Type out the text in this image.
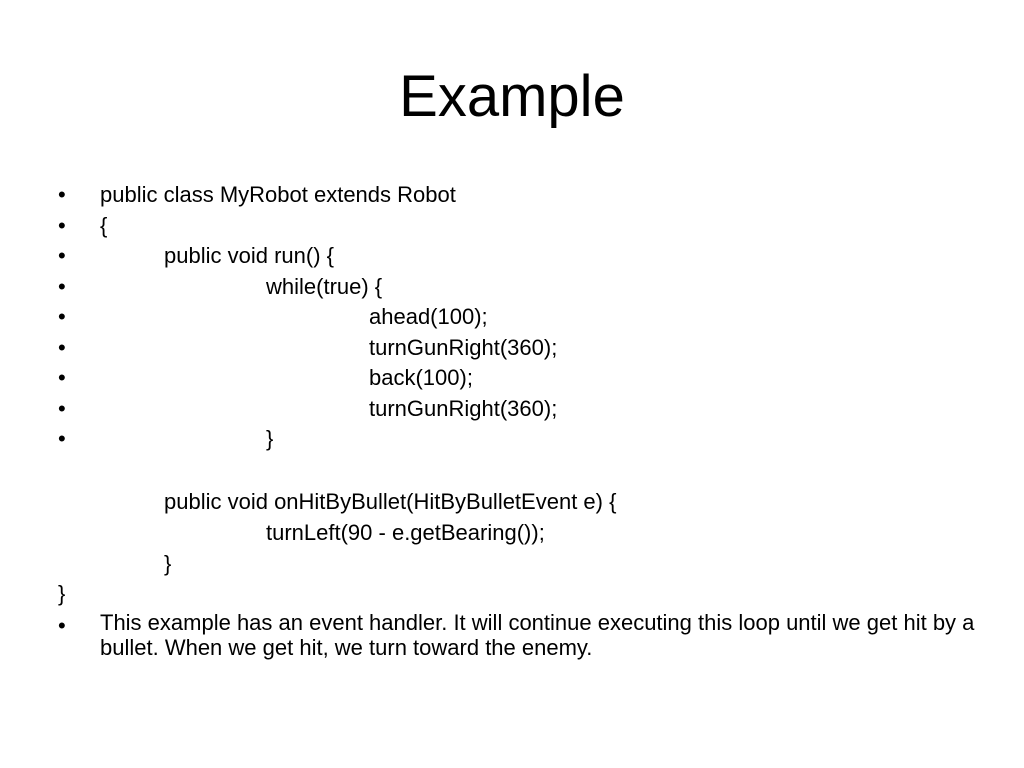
Example
• public class MyRobot extends Robot
• {
•	public void run() {
•	while(true) {
•	ahead(100);
•	turnGunRight(360);
•	back(100);
•	turnGunRight(360);
•	}
public void onHitByBullet(HitByBulletEvent e) {
turnLeft(90 - e.getBearing());
}
}
• This example has an event handler. It will continue executing this loop until we get hit by a bullet. When we get hit, we turn toward the enemy.
